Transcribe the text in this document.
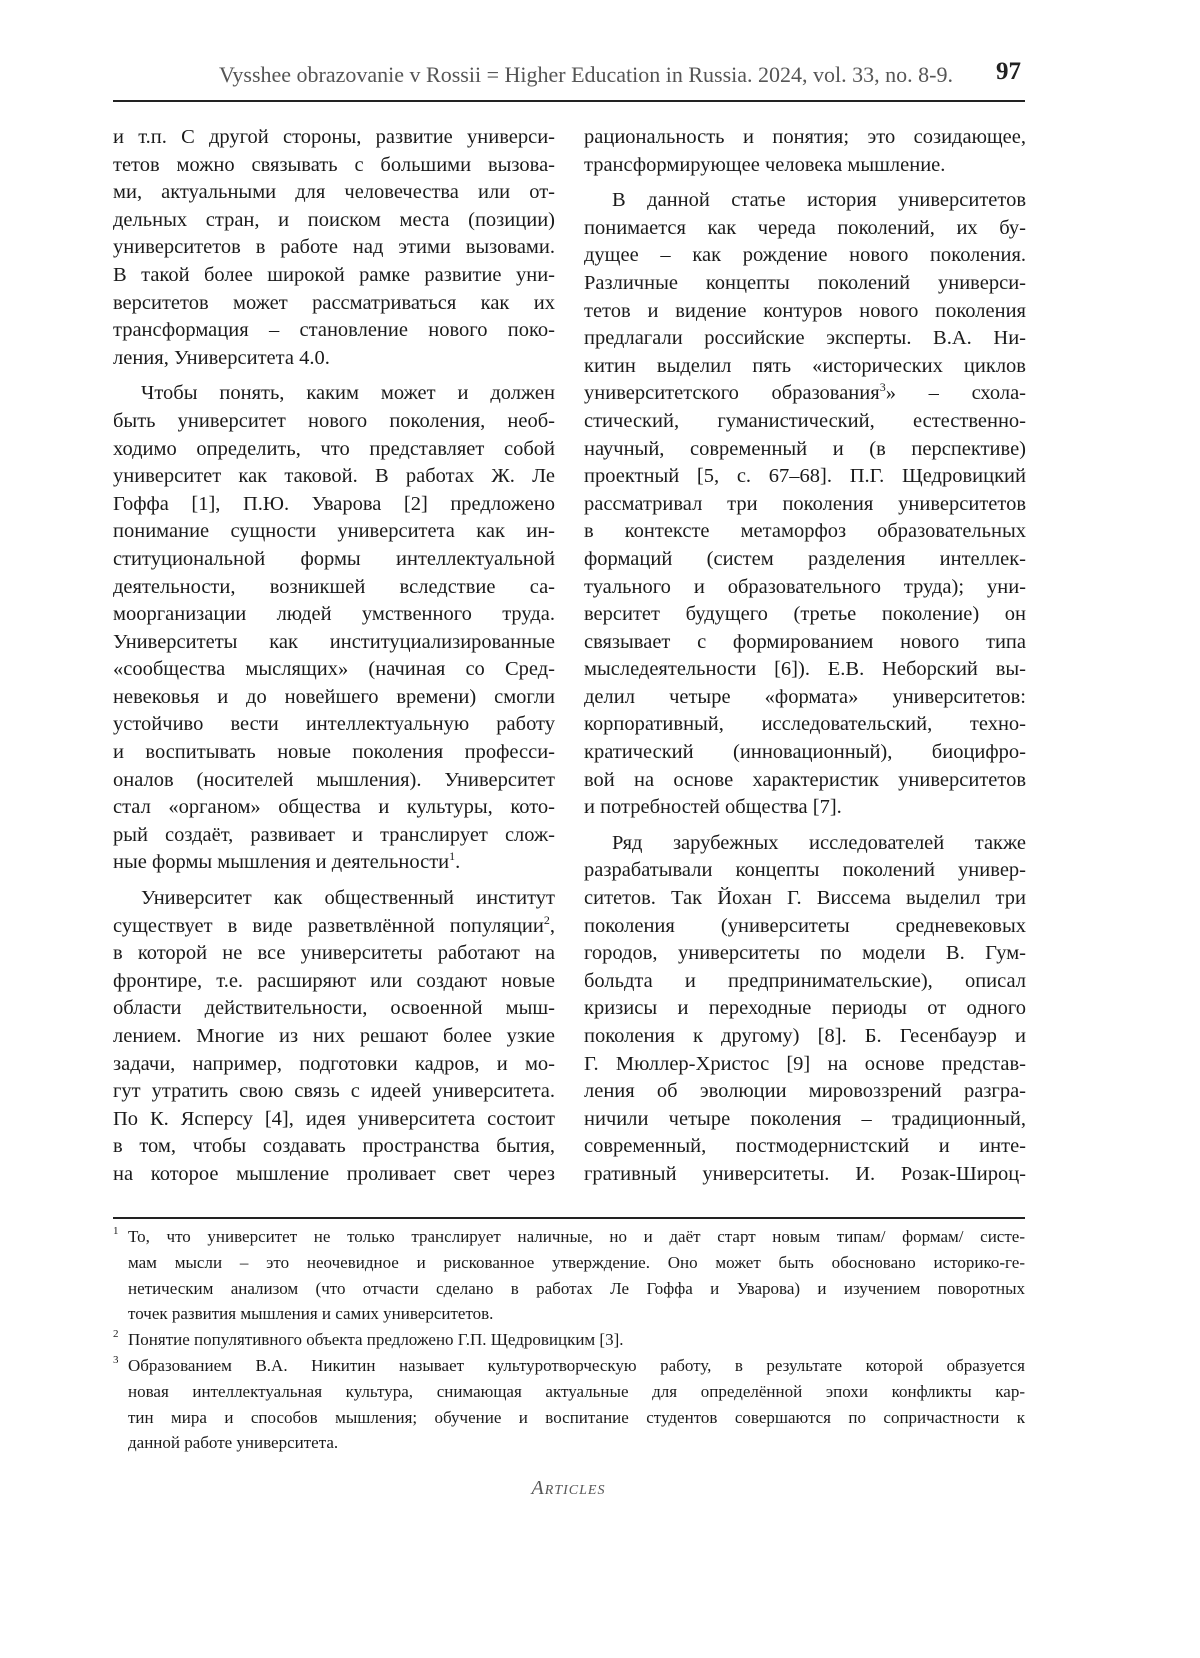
Vysshee obrazovanie v Rossii = Higher Education in Russia. 2024, vol. 33, no. 8-9. 97
и т.п. С другой стороны, развитие универси-
тетов можно связывать с большими вызова-
ми, актуальными для человечества или от-
дельных стран, и поиском места (позиции)
университетов в работе над этими вызовами.
В такой более широкой рамке развитие уни-
верситетов может рассматриваться как их
трансформация – становление нового поко-
ления, Университета 4.0.
Чтобы понять, каким может и должен
быть университет нового поколения, необ-
ходимо определить, что представляет собой
университет как таковой. В работах Ж. Ле
Гоффа [1], П.Ю. Уварова [2] предложено
понимание сущности университета как ин-
ституциональной формы интеллектуальной
деятельности, возникшей вследствие са-
моорганизации людей умственного труда.
Университеты как институциализированные
«сообщества мыслящих» (начиная со Сред-
невековья и до новейшего времени) смогли
устойчиво вести интеллектуальную работу
и воспитывать новые поколения професси-
оналов (носителей мышления). Университет
стал «органом» общества и культуры, кото-
рый создаёт, развивает и транслирует слож-
ные формы мышления и деятельности$^1$.
Университет как общественный институт
существует в виде разветвлённой популяции$^2$,
в которой не все университеты работают на
фронтире, т.е. расширяют или создают новые
области действительности, освоенной мыш-
лением. Многие из них решают более узкие
задачи, например, подготовки кадров, и мо-
гут утратить свою связь с идеей университета.
По К. Ясперсу [4], идея университета состоит
в том, чтобы создавать пространства бытия,
на которое мышление проливает свет через
рациональность и понятия; это созидающее,
трансформирующее человека мышление.
В данной статье история университетов
понимается как череда поколений, их бу-
дущее – как рождение нового поколения.
Различные концепты поколений универси-
тетов и видение контуров нового поколения
предлагали российские эксперты. В.А. Ни-
китин выделил пять «исторических циклов
университетского образования$^3$» – схола-
стический, гуманистический, естественно-
научный, современный и (в перспективе)
проектный [5, с. 67–68]. П.Г. Щедровицкий
рассматривал три поколения университетов
в контексте метаморфоз образовательных
формаций (систем разделения интеллек-
туального и образовательного труда); уни-
верситет будущего (третье поколение) он
связывает с формированием нового типа
мыследеятельности [6]). Е.В. Неборский вы-
делил четыре «формата» университетов:
корпоративный, исследовательский, техно-
кратический (инновационный), биоцифро-
вой на основе характеристик университетов
и потребностей общества [7].
Ряд зарубежных исследователей также
разрабатывали концепты поколений универ-
ситетов. Так Йохан Г. Виссема выделил три
поколения (университеты средневековых
городов, университеты по модели В. Гум-
больдта и предпринимательские), описал
кризисы и переходные периоды от одного
поколения к другому) [8]. Б. Гесенбауэр и
Г. Мюллер-Христос [9] на основе представ-
ления об эволюции мировоззрений разгра-
ничили четыре поколения – традиционный,
современный, постмодернистский и инте-
гративный университеты. И. Розак-Широц-
1 То, что университет не только транслирует наличные, но и даёт старт новым типам/ формам/ систе-
мам мысли – это неочевидное и рискованное утверждение. Оно может быть обосновано историко-ге-
нетическим анализом (что отчасти сделано в работах Ле Гоффа и Уварова) и изучением поворотных
точек развития мышления и самих университетов.
2 Понятие популятивного объекта предложено Г.П. Щедровицким [3].
3 Образованием В.А. Никитин называет культуротворческую работу, в результате которой образуется
новая интеллектуальная культура, снимающая актуальные для определённой эпохи конфликты кар-
тин мира и способов мышления; обучение и воспитание студентов совершаются по сопричастности к
данной работе университета.
Articles
